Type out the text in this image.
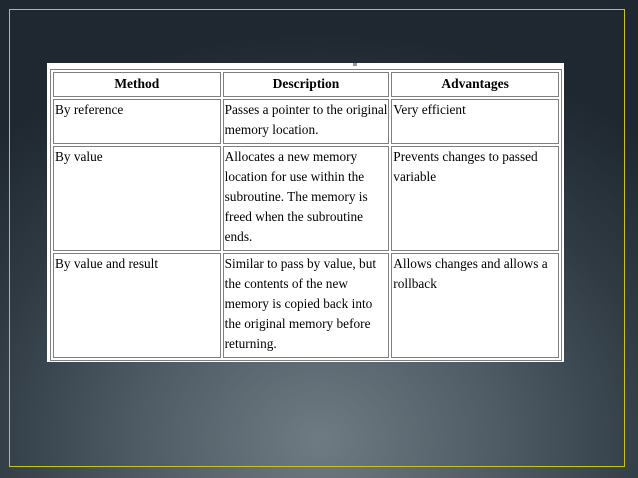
Method	Description	Advantages
By reference	Passes a pointer to the original memory location.	Very efficient
By value	Allocates a new memory location for use within the subroutine. The memory is freed when the subroutine ends.	Prevents changes to passed variable
By value and result	Similar to pass by value, but the contents of the new memory is copied back into the original memory before returning.	Allows changes and allows a rollback
